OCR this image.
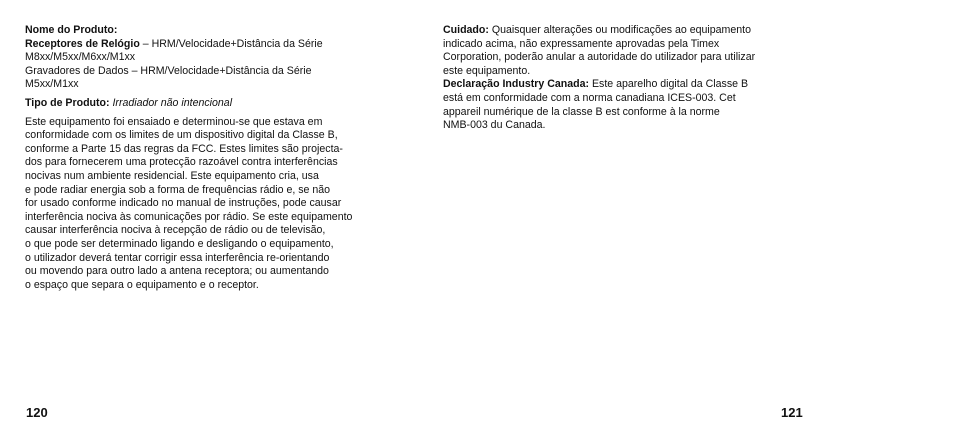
Nome do Produto:
Receptores de Relógio – HRM/Velocidade+Distância da Série
M8xx/M5xx/M6xx/M1xx
Gravadores de Dados – HRM/Velocidade+Distância da Série
M5xx/M1xx
Tipo de Produto: Irradiador não intencional
Este equipamento foi ensaiado e determinou-se que estava em
conformidade com os limites de um dispositivo digital da Classe B,
conforme a Parte 15 das regras da FCC. Estes limites são projecta-
dos para fornecerem uma protecção razoável contra interferências
nocivas num ambiente residencial. Este equipamento cria, usa
e pode radiar energia sob a forma de frequências rádio e, se não
for usado conforme indicado no manual de instruções, pode causar
interferência nociva às comunicações por rádio. Se este equipamento
causar interferência nociva à recepção de rádio ou de televisão,
o que pode ser determinado ligando e desligando o equipamento,
o utilizador deverá tentar corrigir essa interferência re-orientando
ou movendo para outro lado a antena receptora; ou aumentando
o espaço que separa o equipamento e o receptor.
Cuidado: Quaisquer alterações ou modificações ao equipamento
indicado acima, não expressamente aprovadas pela Timex
Corporation, poderão anular a autoridade do utilizador para utilizar
este equipamento.
Declaração Industry Canada: Este aparelho digital da Classe B
está em conformidade com a norma canadiana ICES-003. Cet
appareil numérique de la classe B est conforme à la norme
NMB-003 du Canada.
120	121
